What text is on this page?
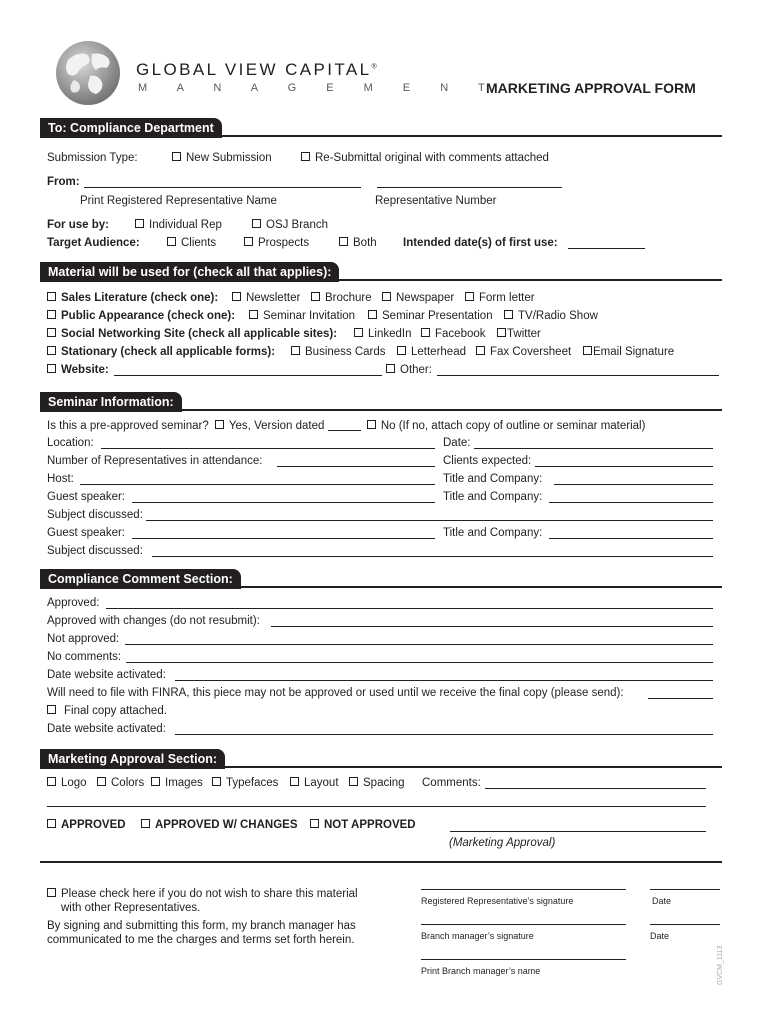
GLOBAL VIEW CAPITAL®
M A N A G E M E N T
MARKETING APPROVAL FORM
To: Compliance Department
Submission Type:	New Submission	Re-Submittal original with comments attached
From:
Print Registered Representative Name	Representative Number
For use by:	Individual Rep	OSJ Branch
Target Audience:	Clients	Prospects	Both Intended date(s) of first use:
Material will be used for (check all that applies):
Sales Literature (check one):	Newsletter	Brochure	Newspaper	Form letter
Public Appearance (check one):	Seminar Invitation	Seminar Presentation	TV/Radio Show
Social Networking Site (check all applicable sites):	LinkedIn	Facebook	Twitter
Stationary (check all applicable forms):	Business Cards	Letterhead	Fax Coversheet	Email Signature
Website:	Other:
Seminar Information:
Is this a pre-approved seminar? Yes, Version dated	No (If no, attach copy of outline or seminar material)
Location:	Date:
Number of Representatives in attendance:	Clients expected:
Host:	Title and Company:
Guest speaker:	Title and Company:
Subject discussed:
Guest speaker:	Title and Company:
Subject discussed:
Compliance Comment Section:
Approved:
Approved with changes (do not resubmit):
Not approved:
No comments:
Date website activated:
Will need to file with FINRA, this piece may not be approved or used until we receive the final copy (please send):
Final copy attached.
Date website activated:
Marketing Approval Section:
Logo	Colors	Images	Typefaces	Layout	Spacing Comments:
APPROVED	APPROVED W/ CHANGES	NOT APPROVED
(Marketing Approval)
Please check here if you do not wish to share this material
with other Representatives.
By signing and submitting this form, my branch manager has
communicated to me the charges and terms set forth herein.
Registered Representative’s signature	Date
Branch manager’s signature	Date
Print Branch manager’s name	GVCM_1113
